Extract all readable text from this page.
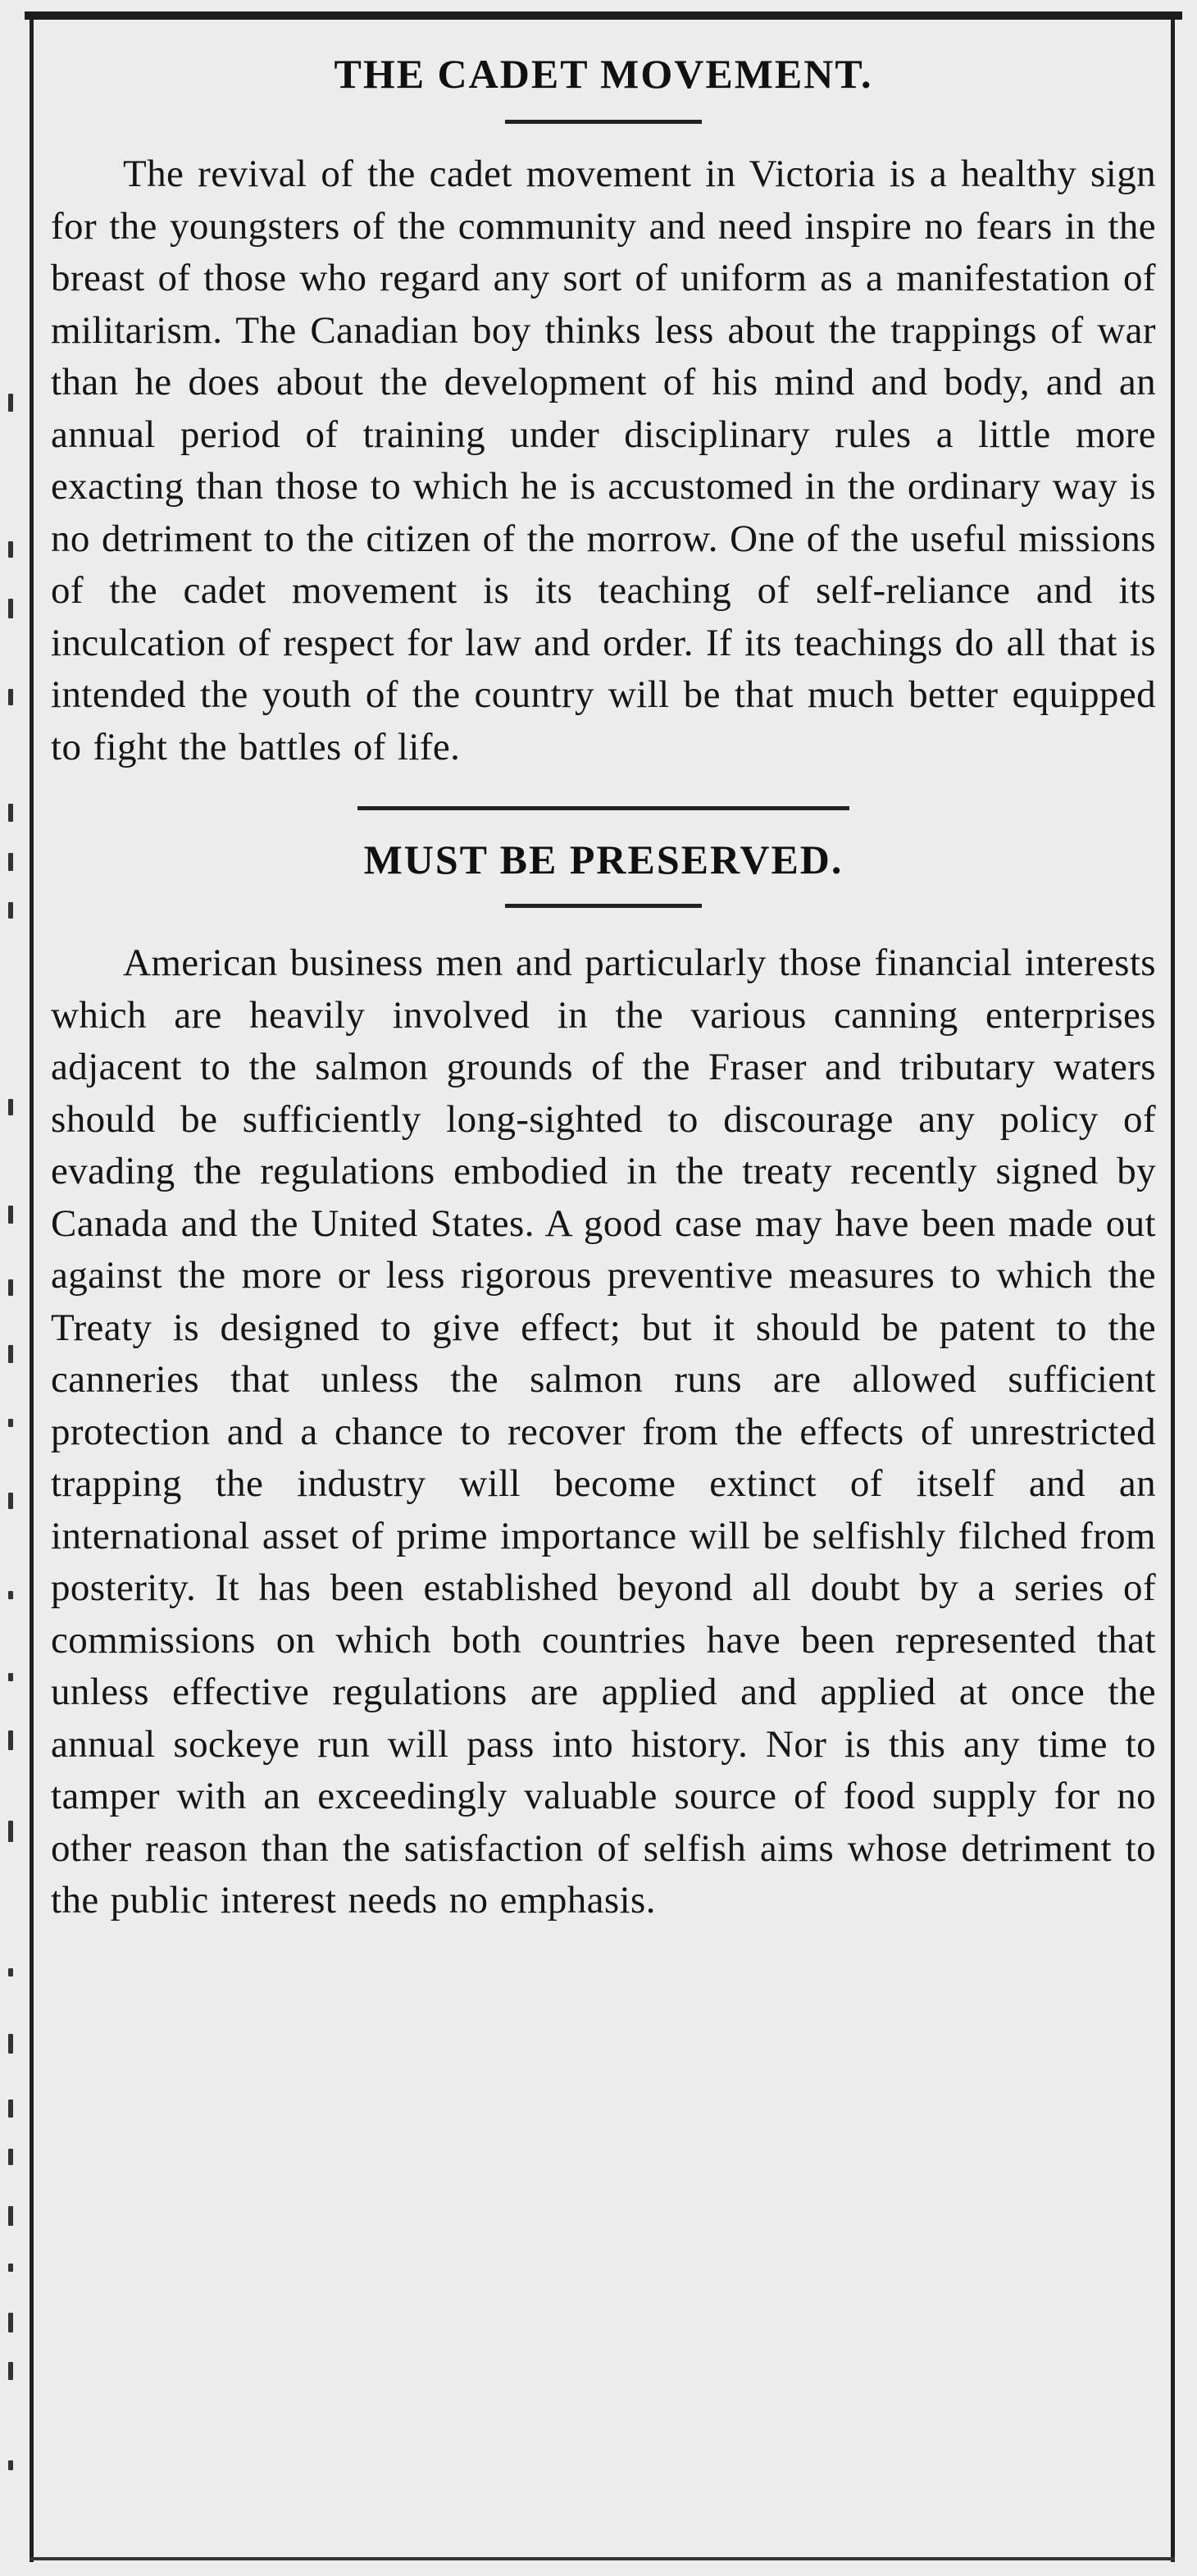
THE CADET MOVEMENT.

The revival of the cadet movement in Victoria is a healthy sign for the youngsters of the community and need inspire no fears in the breast of those who regard any sort of uniform as a manifestation of militarism. The Canadian boy thinks less about the trappings of war than he does about the development of his mind and body, and an annual period of training under disciplinary rules a little more exacting than those to which he is accustomed in the ordinary way is no detriment to the citizen of the morrow. One of the useful missions of the cadet movement is its teaching of self-reliance and its inculcation of respect for law and order. If its teachings do all that is intended the youth of the country will be that much better equipped to fight the battles of life.

MUST BE PRESERVED.

American business men and particularly those financial interests which are heavily involved in the various canning enterprises adjacent to the salmon grounds of the Fraser and tributary waters should be sufficiently long-sighted to discourage any policy of evading the regulations embodied in the treaty recently signed by Canada and the United States. A good case may have been made out against the more or less rigorous preventive measures to which the Treaty is designed to give effect; but it should be patent to the canneries that unless the salmon runs are allowed sufficient protection and a chance to recover from the effects of unrestricted trapping the industry will become extinct of itself and an international asset of prime importance will be selfishly filched from posterity. It has been established beyond all doubt by a series of commissions on which both countries have been represented that unless effective regulations are applied and applied at once the annual sockeye run will pass into history. Nor is this any time to tamper with an exceedingly valuable source of food supply for no other reason than the satisfaction of selfish aims whose detriment to the public interest needs no emphasis.
